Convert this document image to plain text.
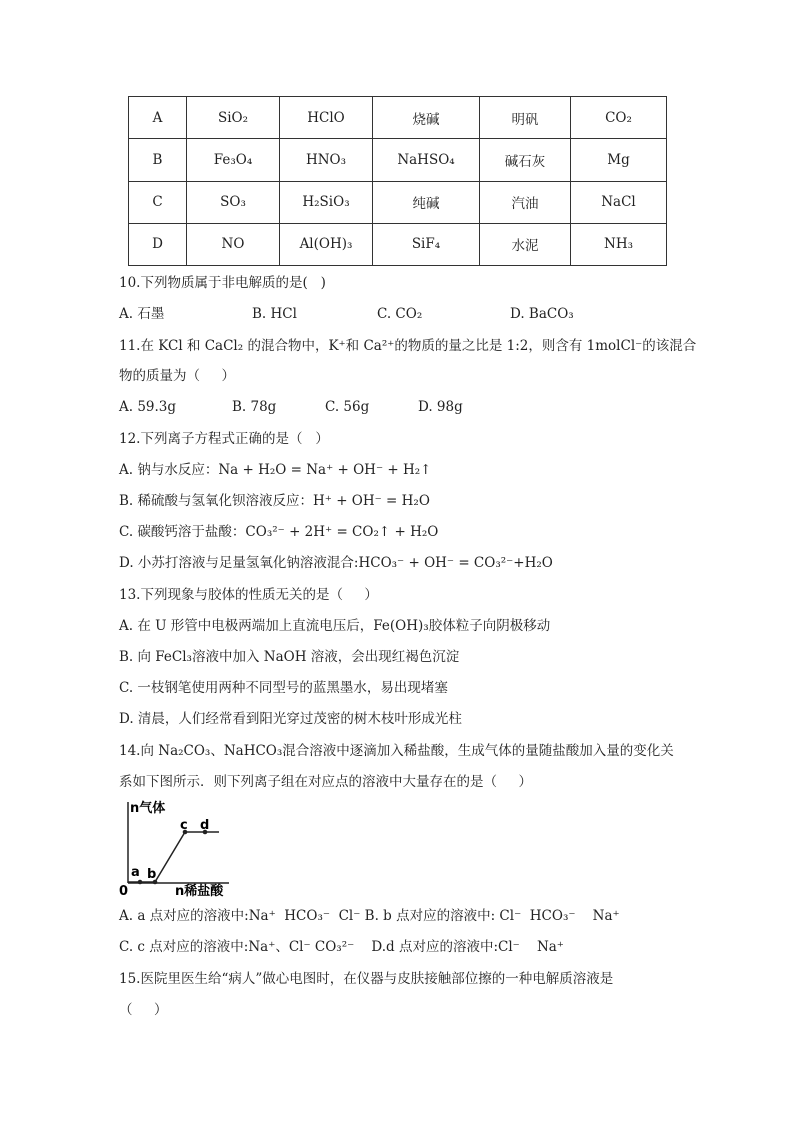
A	SiO₂	HClO	烧碱	明矾	CO₂
B	Fe₃O₄	HNO₃	NaHSO₄	碱石灰	Mg
C	SO₃	H₂SiO₃	纯碱	汽油	NaCl
D	NO	Al(OH)₃	SiF₄	水泥	NH₃
10.下列物质属于非电解质的是(   )
A. 石墨	B. HCl	C. CO₂	D. BaCO₃
11.在 KCl 和 CaCl₂ 的混合物中，K⁺和 Ca²⁺的物质的量之比是 1:2，则含有 1molCl⁻的该混合
物的质量为（     ）
A. 59.3g	B. 78g	C. 56g	D. 98g
12.下列离子方程式正确的是（   ）
A. 钠与水反应：Na + H₂O = Na⁺ + OH⁻ + H₂↑
B. 稀硫酸与氢氧化钡溶液反应：H⁺ + OH⁻ = H₂O
C. 碳酸钙溶于盐酸：CO₃²⁻ + 2H⁺ = CO₂↑ + H₂O
D. 小苏打溶液与足量氢氧化钠溶液混合:HCO₃⁻ + OH⁻ = CO₃²⁻+H₂O
13.下列现象与胶体的性质无关的是（     ）
A. 在 U 形管中电极两端加上直流电压后，Fe(OH)₃胶体粒子向阴极移动
B. 向 FeCl₃溶液中加入 NaOH 溶液，会出现红褐色沉淀
C. 一枝钢笔使用两种不同型号的蓝黑墨水，易出现堵塞
D. 清晨，人们经常看到阳光穿过茂密的树木枝叶形成光柱
14.向 Na₂CO₃、NaHCO₃混合溶液中逐滴加入稀盐酸，生成气体的量随盐酸加入量的变化关
系如下图所示．则下列离子组在对应点的溶液中大量存在的是（     ）
n气体
n稀盐酸
0
a b
c d
A. a 点对应的溶液中:Na⁺  HCO₃⁻  Cl⁻ B. b 点对应的溶液中: Cl⁻  HCO₃⁻    Na⁺
C. c 点对应的溶液中:Na⁺、Cl⁻ CO₃²⁻    D.d 点对应的溶液中:Cl⁻    Na⁺
15.医院里医生给“病人”做心电图时，在仪器与皮肤接触部位擦的一种电解质溶液是
（     ）
